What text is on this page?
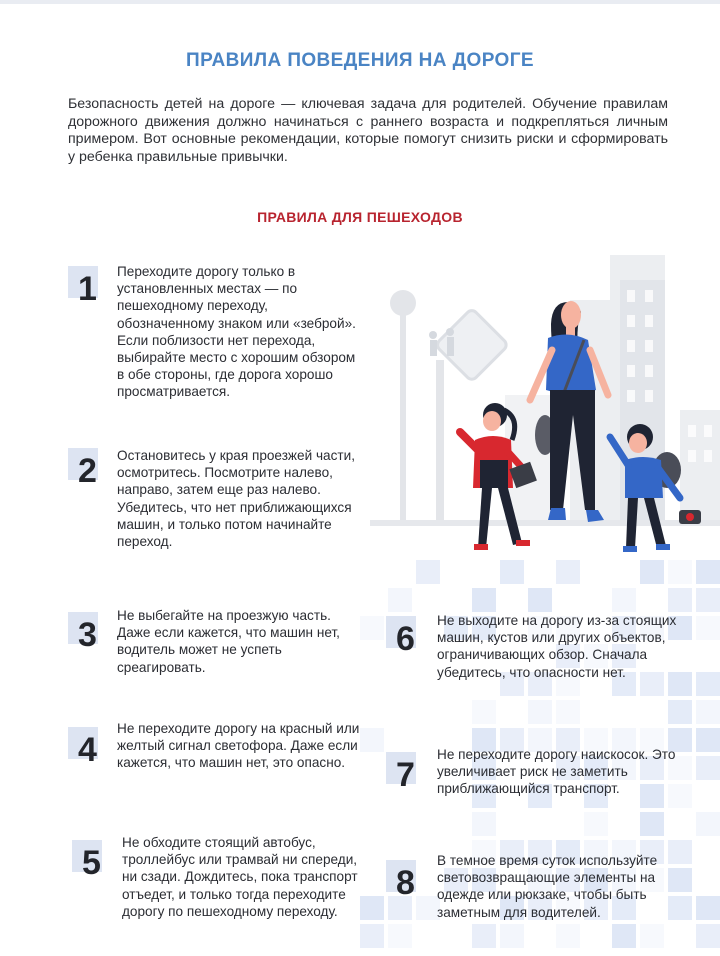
ПРАВИЛА ПОВЕДЕНИЯ НА ДОРОГЕ
Безопасность детей на дороге — ключевая задача для родителей. Обучение правилам дорожного движения должно начинаться с раннего возраста и подкрепляться личным примером. Вот основные рекомендации, которые помогут снизить риски и сформировать у ребенка правильные привычки.
ПРАВИЛА ДЛЯ ПЕШЕХОДОВ
1 Переходите дорогу только в установленных местах — по пешеходному переходу, обозначенному знаком или «зеброй». Если поблизости нет перехода, выбирайте место с хорошим обзором в обе стороны, где дорога хорошо просматривается.
2 Остановитесь у края проезжей части, осмотритесь. Посмотрите налево, направо, затем еще раз налево. Убедитесь, что нет приближающихся машин, и только потом начинайте переход.
3
Не выбегайте на проезжую часть. Даже если кажется, что машин нет, водитель может не успеть среагировать.
4
Не переходите дорогу на красный или желтый сигнал светофора. Даже если кажется, что машин нет, это опасно.
5
Не обходите стоящий автобус, троллейбус или трамвай ни спереди, ни сзади. Дождитесь, пока транспорт отъедет, и только тогда переходите дорогу по пешеходному переходу.
6 Не выходите на дорогу из-за стоящих машин, кустов или других объектов, ограничивающих обзор. Сначала убедитесь, что опасности нет.
7
Не переходите дорогу наискосок. Это увеличивает риск не заметить приближающийся транспорт.
8
В темное время суток используйте световозвращающие элементы на одежде или рюкзаке, чтобы быть заметным для водителей.
